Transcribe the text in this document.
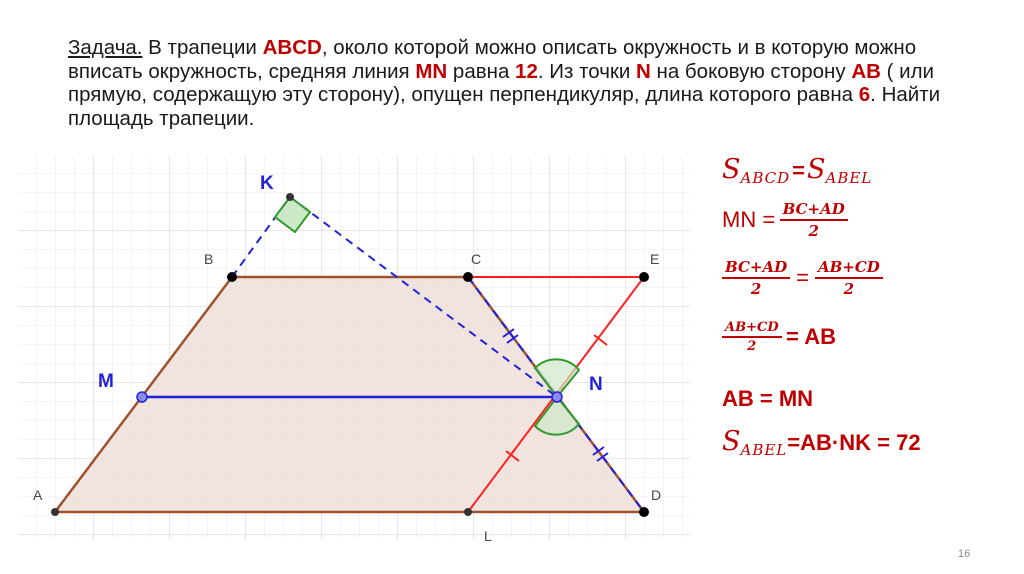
Задача. В трапеции ABCD, около которой можно описать окружность и в которую можно вписать окружность, средняя линия MN равна 12. Из точки N на боковую сторону AB ( или прямую, содержащую эту сторону), опущен перпендикуляр, длина которого равна 6. Найти площадь трапеции.
A
B	C
D
E
L
K
M	N
SABCD=SABEL
MN = $\frac{BC+AD}{2}$
$\frac{BC+AD}{2} = \frac{AB+CD}{2}$
$\frac{AB+CD}{2}$ = AB
AB = MN
SABEL=AB·NK = 72
16
